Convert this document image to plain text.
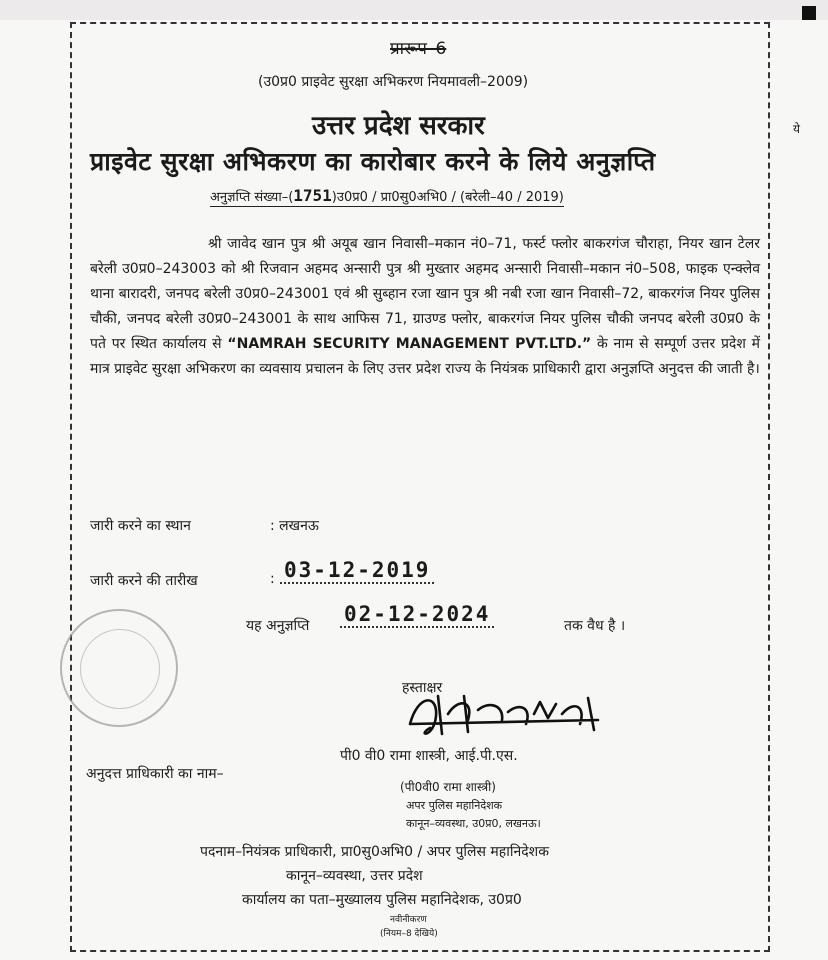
ये
प्रारूप–6
(उ0प्र0 प्राइवेट सुरक्षा अभिकरण नियमावली–2009)
उत्तर प्रदेश सरकार
प्राइवेट सुरक्षा अभिकरण का कारोबार करने के लिये अनुज्ञप्ति
अनुज्ञप्ति संख्या–(1751)उ0प्र0 / प्रा0सु0अभि0 / (बरेली–40 / 2019)

श्री जावेद खान पुत्र श्री अयूब खान निवासी–मकान नं0–71, फर्स्ट फ्लोर बाकरगंज चौराहा, नियर खान टेलर बरेली उ0प्र0–243003 को श्री रिजवान अहमद अन्सारी पुत्र श्री मुख्तार अहमद अन्सारी निवासी–मकान नं0–508, फाइक एन्क्लेव थाना बारादरी, जनपद बरेली उ0प्र0–243001 एवं श्री सुब्हान रजा खान पुत्र श्री नबी रजा खान निवासी–72, बाकरगंज नियर पुलिस चौकी, जनपद बरेली उ0प्र0–243001 के साथ आफिस 71, ग्राउण्ड फ्लोर, बाकरगंज नियर पुलिस चौकी जनपद बरेली उ0प्र0 के पते पर स्थित कार्यालय से “NAMRAH SECURITY MANAGEMENT PVT.LTD.” के नाम से सम्पूर्ण उत्तर प्रदेश में मात्र प्राइवेट सुरक्षा अभिकरण का व्यवसाय प्रचालन के लिए उत्तर प्रदेश राज्य के नियंत्रक प्राधिकारी द्वारा अनुज्ञप्ति अनुदत्त की जाती है।

जारी करने का स्थान	: लखनऊ
जारी करने की तारीख	: 03-12-2019
यह अनुज्ञप्ति 02-12-2024	तक वैध है ।
हस्ताक्षर
अनुदत्त प्राधिकारी का नाम–
पी0 वी0 रामा शास्त्री, आई.पी.एस.
(पी0वी0 रामा शास्त्री)
अपर पुलिस महानिदेशक
कानून–व्यवस्था, उ0प्र0, लखनऊ।
पदनाम–नियंत्रक प्राधिकारी, प्रा0सु0अभि0 / अपर पुलिस महानिदेशक
कानून–व्यवस्था, उत्तर प्रदेश
कार्यालय का पता–मुख्यालय पुलिस महानिदेशक, उ0प्र0
नवीनीकरण
(नियम–8 देखिये)
